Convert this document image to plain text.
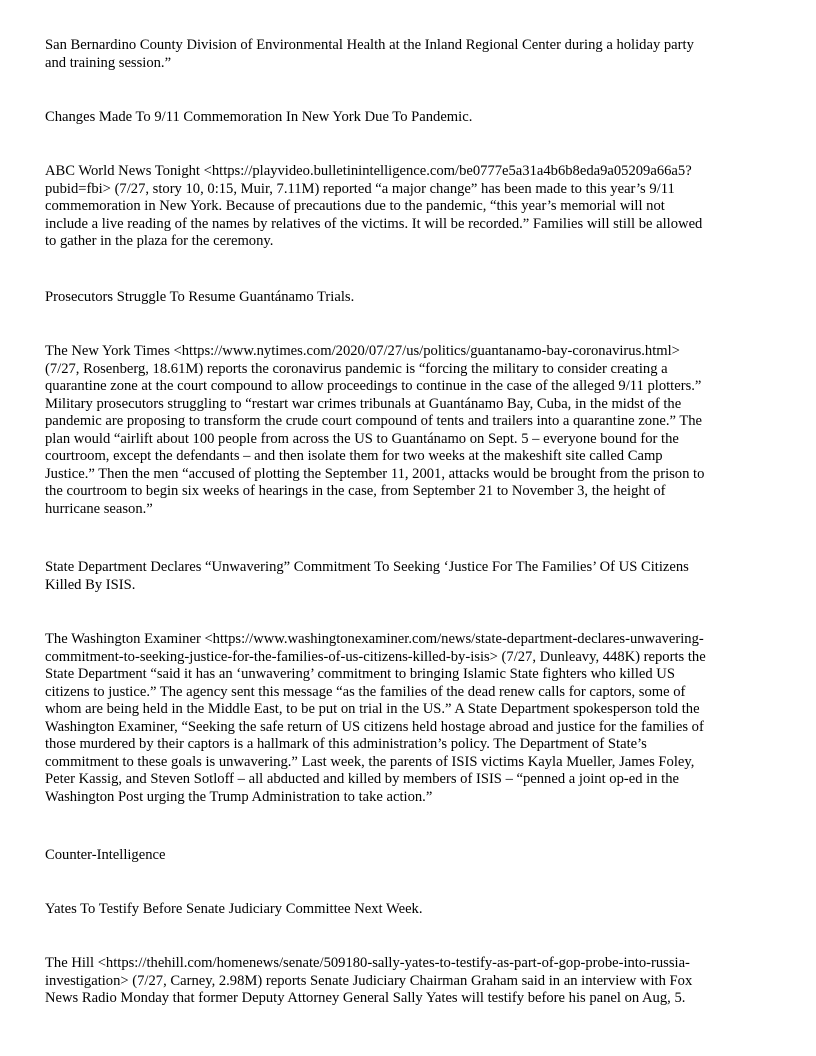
San Bernardino County Division of Environmental Health at the Inland Regional Center during a holiday party
and training session.”

Changes Made To 9/11 Commemoration In New York Due To Pandemic.

ABC World News Tonight <https://playvideo.bulletinintelligence.com/be0777e5a31a4b6b8eda9a05209a66a5?
pubid=fbi> (7/27, story 10, 0:15, Muir, 7.11M) reported “a major change” has been made to this year’s 9/11
commemoration in New York. Because of precautions due to the pandemic, “this year’s memorial will not
include a live reading of the names by relatives of the victims. It will be recorded.” Families will still be allowed
to gather in the plaza for the ceremony.

Prosecutors Struggle To Resume Guantánamo Trials.

The New York Times <https://www.nytimes.com/2020/07/27/us/politics/guantanamo-bay-coronavirus.html>
(7/27, Rosenberg, 18.61M) reports the coronavirus pandemic is “forcing the military to consider creating a
quarantine zone at the court compound to allow proceedings to continue in the case of the alleged 9/11 plotters.”
Military prosecutors struggling to “restart war crimes tribunals at Guantánamo Bay, Cuba, in the midst of the
pandemic are proposing to transform the crude court compound of tents and trailers into a quarantine zone.” The
plan would “airlift about 100 people from across the US to Guantánamo on Sept. 5 – everyone bound for the
courtroom, except the defendants – and then isolate them for two weeks at the makeshift site called Camp
Justice.” Then the men “accused of plotting the September 11, 2001, attacks would be brought from the prison to
the courtroom to begin six weeks of hearings in the case, from September 21 to November 3, the height of
hurricane season.”

State Department Declares “Unwavering” Commitment To Seeking ‘Justice For The Families’ Of US Citizens
Killed By ISIS.

The Washington Examiner <https://www.washingtonexaminer.com/news/state-department-declares-unwavering-
commitment-to-seeking-justice-for-the-families-of-us-citizens-killed-by-isis> (7/27, Dunleavy, 448K) reports the
State Department “said it has an ‘unwavering’ commitment to bringing Islamic State fighters who killed US
citizens to justice.” The agency sent this message “as the families of the dead renew calls for captors, some of
whom are being held in the Middle East, to be put on trial in the US.” A State Department spokesperson told the
Washington Examiner, “Seeking the safe return of US citizens held hostage abroad and justice for the families of
those murdered by their captors is a hallmark of this administration’s policy. The Department of State’s
commitment to these goals is unwavering.” Last week, the parents of ISIS victims Kayla Mueller, James Foley,
Peter Kassig, and Steven Sotloff – all abducted and killed by members of ISIS – “penned a joint op-ed in the
Washington Post urging the Trump Administration to take action.”

Counter-Intelligence

Yates To Testify Before Senate Judiciary Committee Next Week.

The Hill <https://thehill.com/homenews/senate/509180-sally-yates-to-testify-as-part-of-gop-probe-into-russia-
investigation> (7/27, Carney, 2.98M) reports Senate Judiciary Chairman Graham said in an interview with Fox
News Radio Monday that former Deputy Attorney General Sally Yates will testify before his panel on Aug, 5.
